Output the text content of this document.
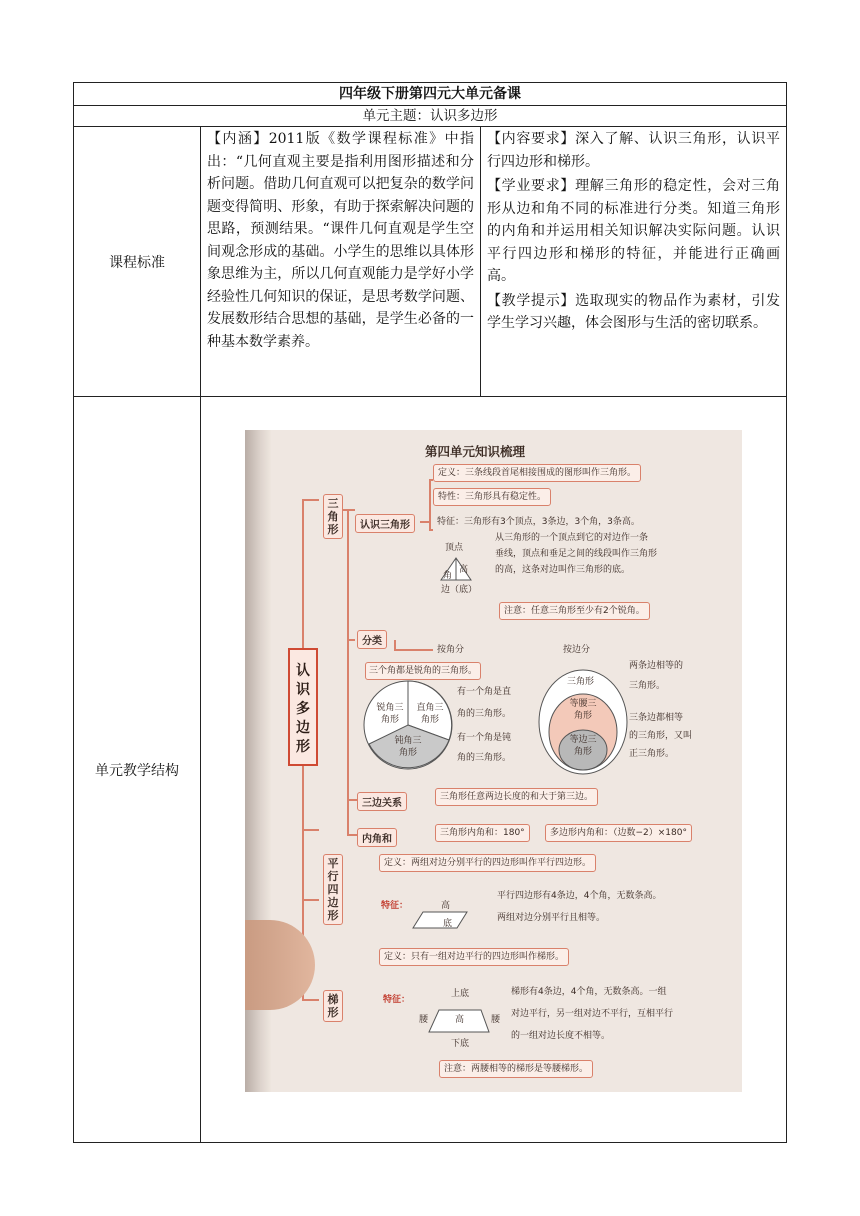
四年级下册第四元大单元备课		
单元主题：认识多边形		
课程标准	【内涵】2011版《数学课程标准》中指出：“几何直观主要是指利用图形描述和分析问题。借助几何直观可以把复杂的数学问题变得简明、形象，有助于探索解决问题的思路，预测结果。“课件几何直观是学生空间观念形成的基础。小学生的思维以具体形象思维为主，所以几何直观能力是学好小学经验性几何知识的保证，是思考数学问题、发展数形结合思想的基础，是学生必备的一种基本数学素养。	【内容要求】深入了解、认识三角形，认识平行四边形和梯形。

【学业要求】理解三角形的稳定性，会对三角形从边和角不同的标准进行分类。知道三角形的内角和并运用相关知识解决实际问题。认识平行四边形和梯形的特征，并能进行正确画高。

【教学提示】选取现实的物品作为素材，引发学生学习兴趣，体会图形与生活的密切联系。

单元教学结构		
第四单元知识梳理
认识多边形
三角形	认识三角形
定义：三条线段首尾相接围成的图形叫作三角形。
特性：三角形具有稳定性。
特征：三角形有3个顶点，3条边，3个角，3条高。
从三角形的一个顶点到它的对边作一条
垂线，顶点和垂足之间的线段叫作三角形
的高，这条对边叫作三角形的底。
顶点
高
角
边（底）
注意：任意三角形至少有2个锐角。
分类
按角分	按边分
三个角都是锐角的三角形。
锐角三角形
直角三角形
钝角三角形
有一个角是直
角的三角形。
有一个角是钝
角的三角形。
三角形
等腰三角形
等边三角形
两条边相等的
三角形。
三条边都相等
的三角形，又叫
正三角形。
三边关系
三角形任意两边长度的和大于第三边。
内角和
三角形内角和：180°	多边形内角和：（边数−2）×180°
平行四边形
定义：两组对边分别平行的四边形叫作平行四边形。
特征：	高
底
平行四边形有4条边，4个角，无数条高。
两组对边分别平行且相等。
梯形
定义：只有一组对边平行的四边形叫作梯形。
特征：
上底
腰	高	腰
下底
梯形有4条边，4个角，无数条高。一组
对边平行，另一组对边不平行，互相平行
的一组对边长度不相等。
注意：两腰相等的梯形是等腰梯形。
